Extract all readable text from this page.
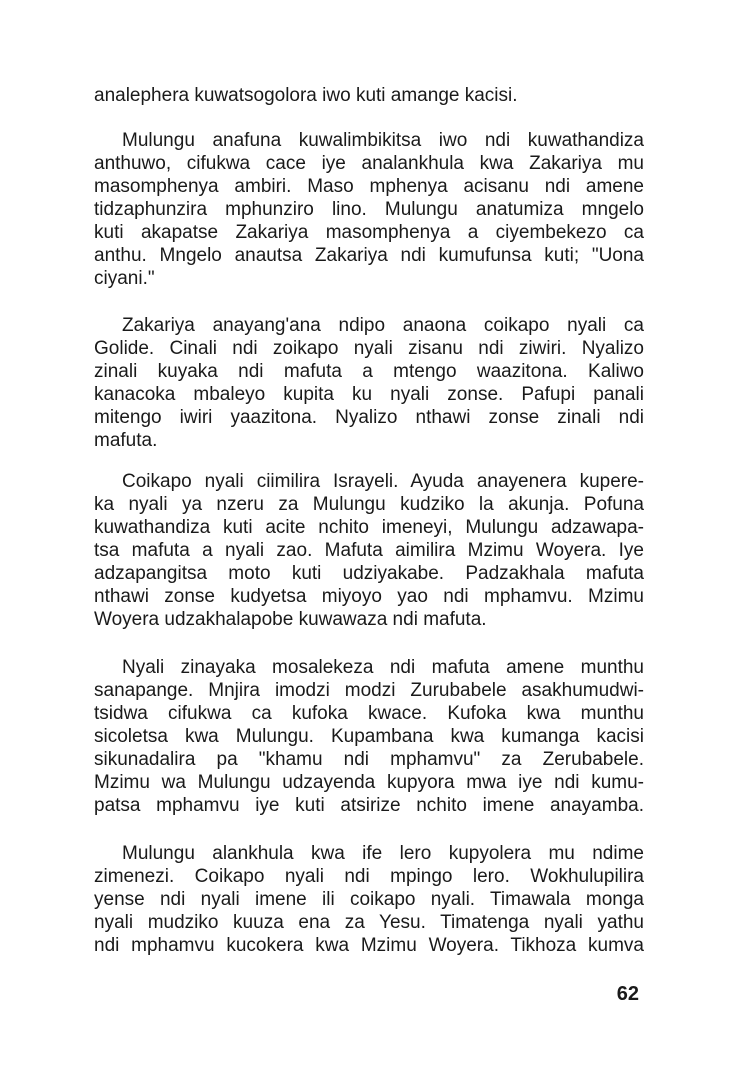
analephera kuwatsogolora iwo kuti amange kacisi.
Mulungu anafuna kuwalimbikitsa iwo ndi kuwathandiza
anthuwo, cifukwa cace iye analankhula kwa Zakariya mu
masomphenya ambiri. Maso mphenya acisanu ndi amene
tidzaphunzira mphunziro lino. Mulungu anatumiza mngelo
kuti akapatse Zakariya masomphenya a ciyembekezo ca
anthu. Mngelo anautsa Zakariya ndi kumufunsa kuti; "Uona
ciyani."
Zakariya anayang'ana ndipo anaona coikapo nyali ca
Golide. Cinali ndi zoikapo nyali zisanu ndi ziwiri. Nyalizo
zinali kuyaka ndi mafuta a mtengo waazitona. Kaliwo
kanacoka mbaleyo kupita ku nyali zonse. Pafupi panali
mitengo iwiri yaazitona. Nyalizo nthawi zonse zinali ndi
mafuta.
Coikapo nyali ciimilira Israyeli. Ayuda anayenera kupere-
ka nyali ya nzeru za Mulungu kudziko la akunja. Pofuna
kuwathandiza kuti acite nchito imeneyi, Mulungu adzawapa-
tsa mafuta a nyali zao. Mafuta aimilira Mzimu Woyera. Iye
adzapangitsa moto kuti udziyakabe. Padzakhala mafuta
nthawi zonse kudyetsa miyoyo yao ndi mphamvu. Mzimu
Woyera udzakhalapobe kuwawaza ndi mafuta.
Nyali zinayaka mosalekeza ndi mafuta amene munthu
sanapange. Mnjira imodzi modzi Zurubabele asakhumudwi-
tsidwa cifukwa ca kufoka kwace. Kufoka kwa munthu
sicoletsa kwa Mulungu. Kupambana kwa kumanga kacisi
sikunadalira pa "khamu ndi mphamvu" za Zerubabele.
Mzimu wa Mulungu udzayenda kupyora mwa iye ndi kumu-
patsa mphamvu iye kuti atsirize nchito imene anayamba.
Mulungu alankhula kwa ife lero kupyolera mu ndime
zimenezi. Coikapo nyali ndi mpingo lero. Wokhulupilira
yense ndi nyali imene ili coikapo nyali. Timawala monga
nyali mudziko kuuza ena za Yesu. Timatenga nyali yathu
ndi mphamvu kucokera kwa Mzimu Woyera. Tikhoza kumva
62
